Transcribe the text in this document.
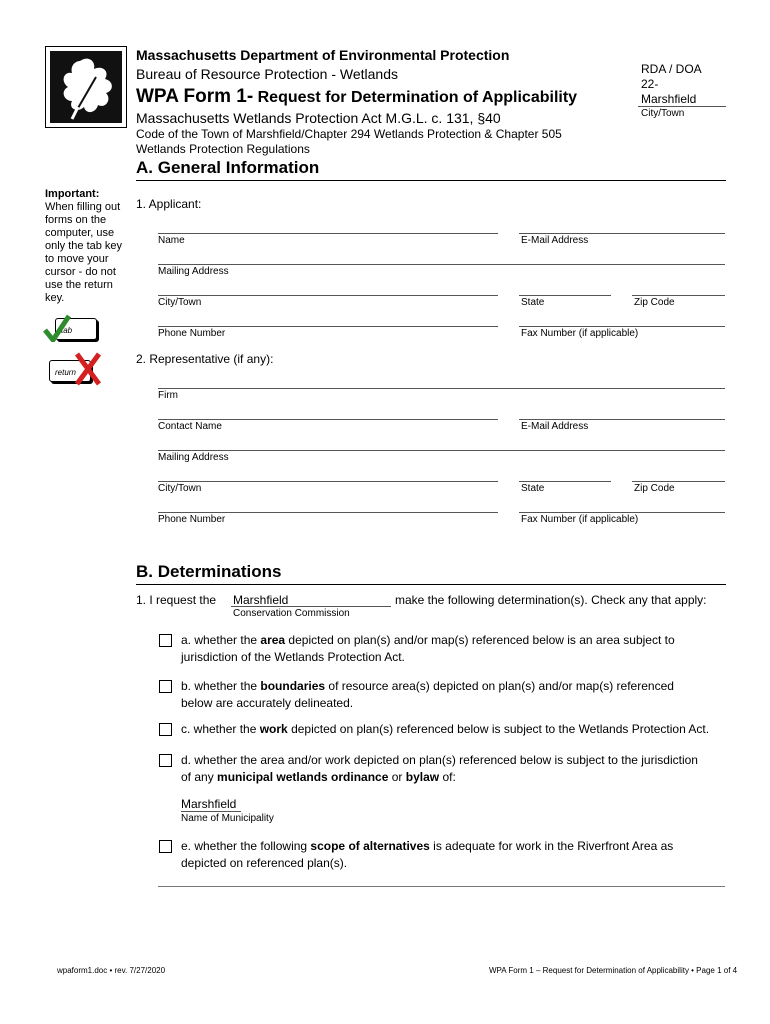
Massachusetts Department of Environmental Protection
Bureau of Resource Protection - Wetlands
WPA Form 1- Request for Determination of Applicability
Massachusetts Wetlands Protection Act M.G.L. c. 131, §40
Code of the Town of Marshfield/Chapter 294 Wetlands Protection & Chapter 505
Wetlands Protection Regulations
RDA / DOA
22-
Marshfield
City/Town
A. General Information
Important:
When filling out
forms on the
computer, use
only the tab key
to move your
cursor - do not
use the return
key.
tab
return
1. Applicant:
Name	E-Mail Address
Mailing Address
City/Town	State	Zip Code
Phone Number	Fax Number (if applicable)
2. Representative (if any):
Firm
Contact Name	E-Mail Address
Mailing Address
City/Town	State	Zip Code
Phone Number	Fax Number (if applicable)
B. Determinations
1. I request the Marshfield	make the following determination(s). Check any that apply:
Conservation Commission
a. whether the area depicted on plan(s) and/or map(s) referenced below is an area subject to
jurisdiction of the Wetlands Protection Act.
b. whether the boundaries of resource area(s) depicted on plan(s) and/or map(s) referenced
below are accurately delineated.
c. whether the work depicted on plan(s) referenced below is subject to the Wetlands Protection Act.
d. whether the area and/or work depicted on plan(s) referenced below is subject to the jurisdiction
of any municipal wetlands ordinance or bylaw of:
Marshfield
Name of Municipality
e. whether the following scope of alternatives is adequate for work in the Riverfront Area as
depicted on referenced plan(s).
wpaform1.doc • rev. 7/27/2020	WPA Form 1 – Request for Determination of Applicability • Page 1 of 4
